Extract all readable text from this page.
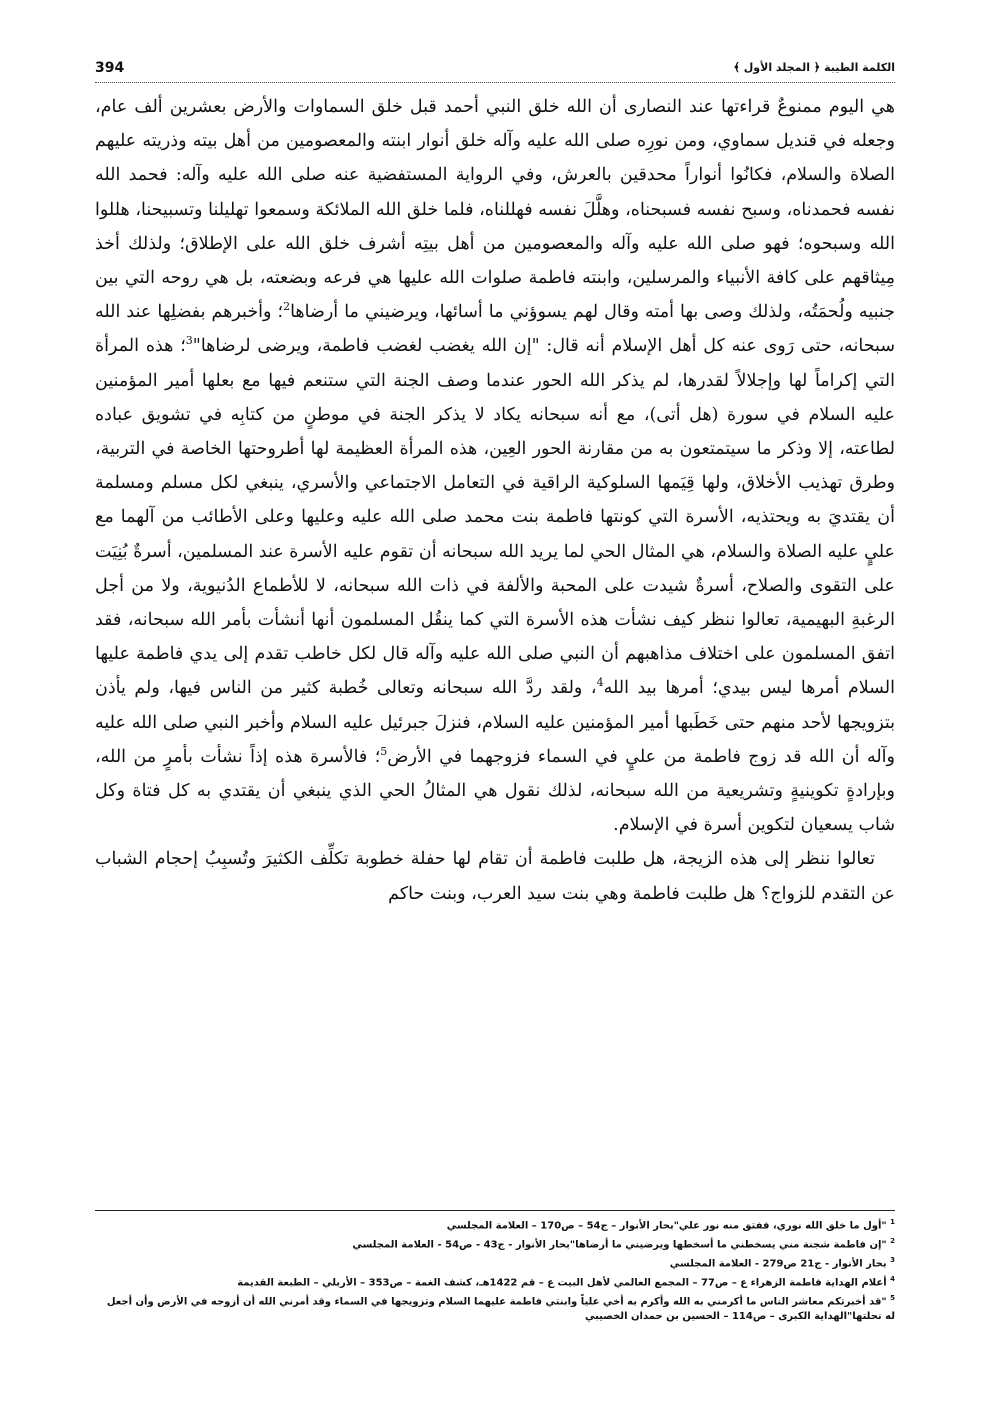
394	الكلمة الطيبة ﴿ المجلد الأول ﴾

هي اليوم ممنوعٌ قراءتها عند النصارى أن الله خلق النبي أحمد قبل خلق السماوات والأرض بعشرين ألف عام، وجعله في قنديل سماوي، ومن نورِه صلى الله عليه وآله خلق أنوار ابنته والمعصومين من أهل بيته وذريته عليهم الصلاة والسلام، فكانُوا أنواراً محدقين بالعرش، وفي الرواية المستفضية عنه صلى الله عليه وآله: فحمد الله نفسه فحمدناه، وسبح نفسه فسبحناه، وهلَّلَ نفسه فهللناه، فلما خلق الله الملائكة وسمعوا تهليلنا وتسبيحنا، هللوا الله وسبحوه؛ فهو صلى الله عليه وآله والمعصومين من أهل بيتِه أشرف خلق الله على الإطلاق؛ ولذلك أخذ مِيثاقهم على كافة الأنبياء والمرسلين، وابنته فاطمة صلوات الله عليها هي فرعه وبضعته، بل هي روحه التي بين جنبيه ولُحمَتُه، ولذلك وصى بها أمته وقال لهم يسوؤني ما أسائها، ويرضيني ما أرضاها$^2$؛ وأخبرهم بفضلِها عند الله سبحانه، حتى رَوى عنه كل أهل الإسلام أنه قال: "إن الله يغضب لغضب فاطمة، ويرضى لرضاها"$^3$؛ هذه المرأة التي إكراماً لها وإجلالاً لقدرها، لم يذكر الله الحور عندما وصف الجنة التي ستنعم فيها مع بعلها أمير المؤمنين عليه السلام في سورة (هل أتى)، مع أنه سبحانه يكاد لا يذكر الجنة في موطنٍ من كتابِه في تشويق عباده لطاعته، إلا وذكر ما سيتمتعون به من مقارنة الحور العِين، هذه المرأة العظيمة لها أطروحتها الخاصة في التربية، وطرق تهذيب الأخلاق، ولها قِيَمها السلوكية الراقية في التعامل الاجتماعي والأسري، ينبغي لكل مسلم ومسلمة أن يقتديَ به ويحتذيه، الأسرة التي كونتها فاطمة بنت محمد صلى الله عليه وعليها وعلى الأطائب من آلهما مع عليٍ عليه الصلاة والسلام، هي المثال الحي لما يريد الله سبحانه أن تقوم عليه الأسرة عند المسلمين، أسرةٌ بُنِيَت على التقوى والصلاح، أسرةٌ شيدت على المحبة والألفة في ذات الله سبحانه، لا للأطماع الدُنيوية، ولا من أجل الرغبةِ البهيمية، تعالوا ننظر كيف نشأت هذه الأسرة التي كما ينقُل المسلمون أنها أنشأت بأمر الله سبحانه، فقد اتفق المسلمون على اختلاف مذاهبهم أن النبي صلى الله عليه وآله قال لكل خاطب تقدم إلى يدي فاطمة عليها السلام أمرها ليس بيدي؛ أمرها بيد الله$^4$، ولقد ردَّ الله سبحانه وتعالى خُطبة كثير من الناس فيها، ولم يأذن بتزويجها لأحد منهم حتى خَطَبها أمير المؤمنين عليه السلام، فنزلَ جبرئيل عليه السلام وأخبر النبي صلى الله عليه وآله أن الله قد زوج فاطمة من عليٍ في السماء فزوجهما في الأرض$^5$؛ فالأسرة هذه إذاً نشأت بأمرٍ من الله، وبإرادةٍ تكوينيةٍ وتشريعية من الله سبحانه، لذلك نقول هي المثالُ الحي الذي ينبغي أن يقتدي به كل فتاة وكل شاب يسعيان لتكوين أسرة في الإسلام.

تعالوا ننظر إلى هذه الزيجة، هل طلبت فاطمة أن تقام لها حفلة خطوبة تكلِّف الكثيرَ وتُسبِبُ إحجام الشباب عن التقدم للزواج؟ هل طلبت فاطمة وهي بنت سيد العرب، وبنت حاكم

$^1$ "أول ما خلق الله نوري، ففتق منه نور علي"بحار الأنوار – ج54 – ص170 – العلامة المجلسي
$^2$ "إن فاطمة شجنة مني يسخطني ما أسخطها ويرضيني ما أرضاها"بحار الأنوار - ج43 - ص54 - العلامة المجلسي
$^3$ بحار الأنوار - ج21 ص279 - العلامة المجلسي
$^4$ أعلام الهداية فاطمة الزهراء ع – ص77 – المجمع العالمي لأهل البيت ع – قم 1422هـ، كشف الغمة – ص353 – الأربلي – الطبعة القديمة
$^5$ "قد أخبرتكم معاشر الناس ما أكرمني به الله وأكرم به أخي علياً وابنتي فاطمة عليهما السلام وتزويجها في السماء وقد أمرني الله أن أزوجه في الأرض وأن أجعل له نحلتها"الهداية الكبرى – ص114 – الحسين بن حمدان الخصيبي
